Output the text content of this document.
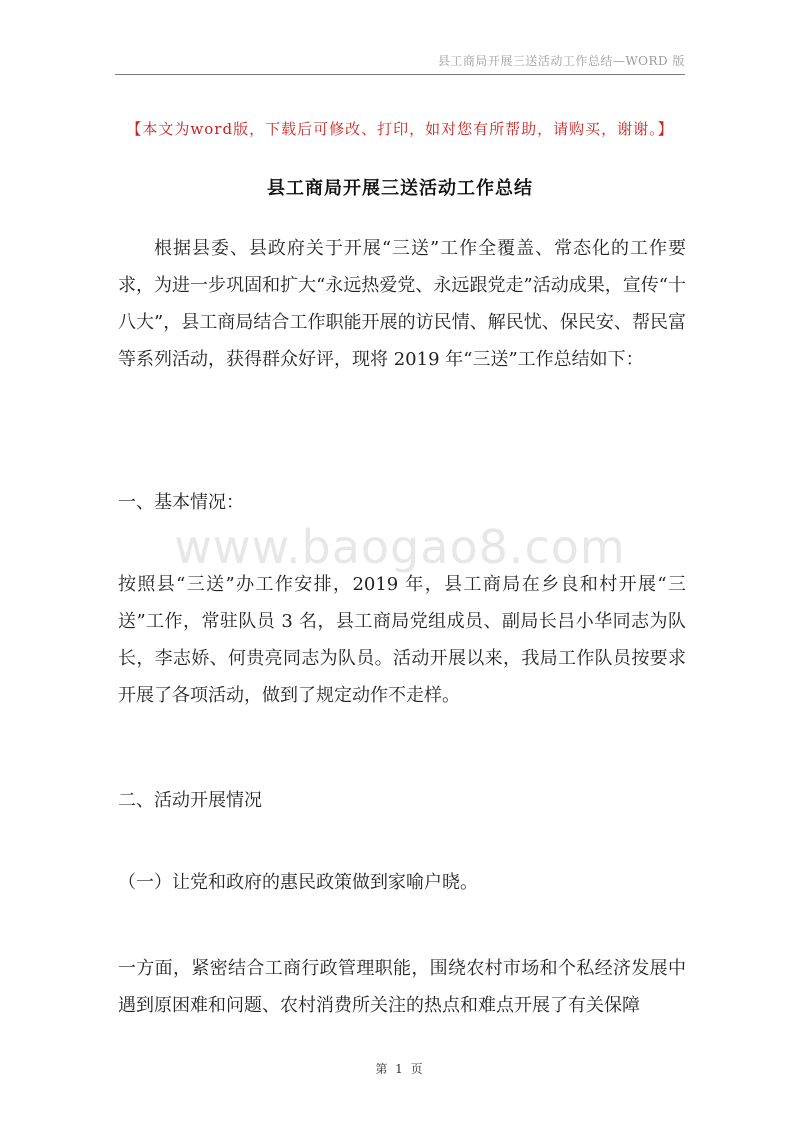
县工商局开展三送活动工作总结—WORD 版
【本文为word版，下载后可修改、打印，如对您有所帮助，请购买，谢谢。】
县工商局开展三送活动工作总结
根据县委、县政府关于开展“三送”工作全覆盖、常态化的工作要求，为进一步巩固和扩大“永远热爱党、永远跟党走”活动成果，宣传“十八大”，县工商局结合工作职能开展的访民情、解民忧、保民安、帮民富等系列活动，获得群众好评，现将 2019 年“三送”工作总结如下：
一、基本情况：
www.baogao8.com
按照县“三送”办工作安排，2019 年，县工商局在乡良和村开展“三送”工作，常驻队员 3 名，县工商局党组成员、副局长吕小华同志为队长，李志娇、何贵亮同志为队员。活动开展以来，我局工作队员按要求开展了各项活动，做到了规定动作不走样。
二、活动开展情况
（一）让党和政府的惠民政策做到家喻户晓。
一方面，紧密结合工商行政管理职能，围绕农村市场和个私经济发展中遇到原困难和问题、农村消费所关注的热点和难点开展了有关保障
第 1 页
